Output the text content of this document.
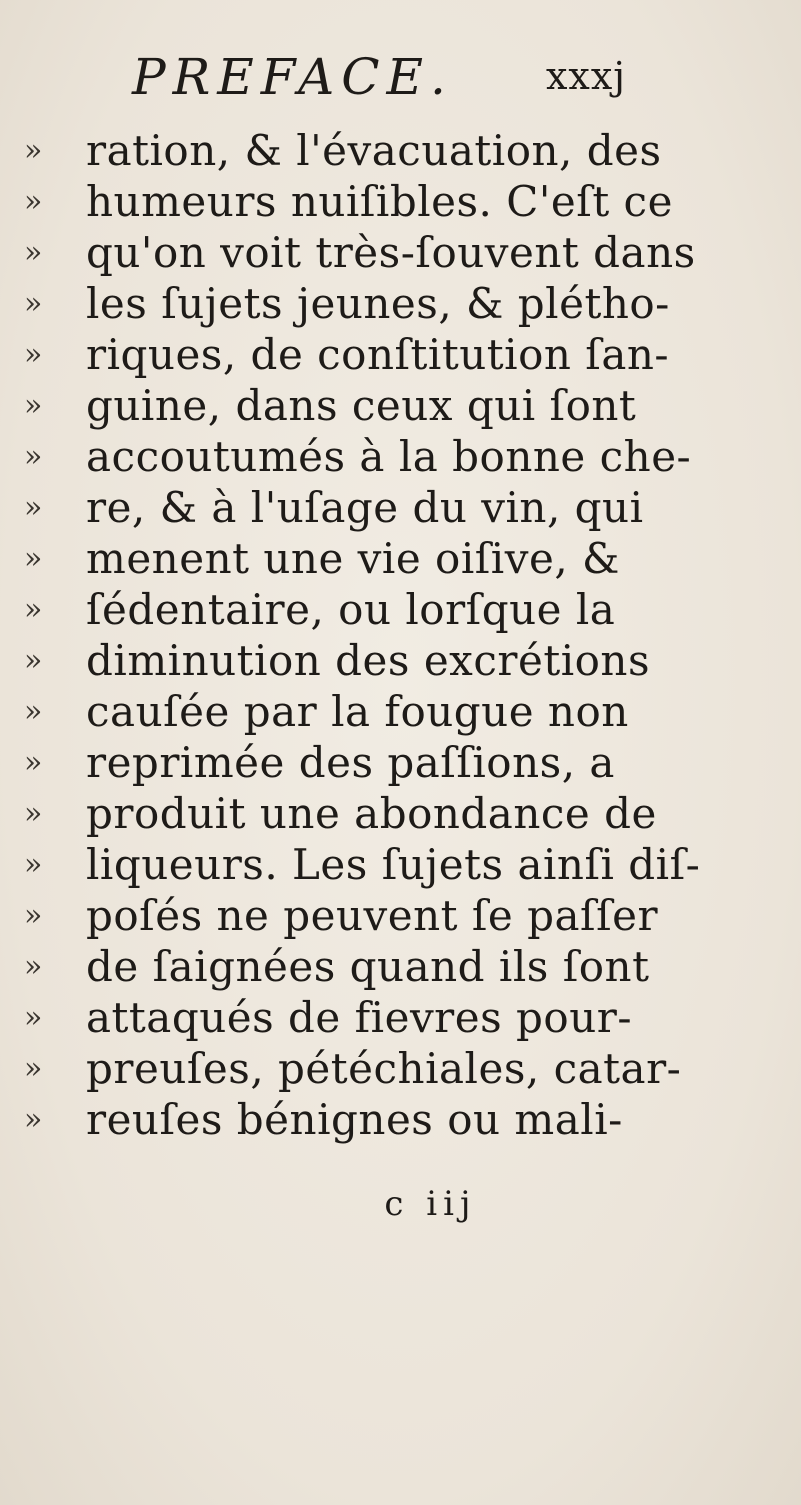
PREFACE. xxxj
» ration, & l'évacuation, des
» humeurs nuiſibles. C'eſt ce
» qu'on voit très-ſouvent dans
» les ſujets jeunes, & plétho-
» riques, de conſtitution ſan-
» guine, dans ceux qui ſont
» accoutumés à la bonne che-
» re, & à l'uſage du vin, qui
» menent une vie oiſive, &
» ſédentaire, ou lorſque la
» diminution des excrétions
» cauſée par la fougue non
» reprimée des paſſions, a
» produit une abondance de
» liqueurs. Les ſujets ainſi diſ-
» poſés ne peuvent ſe paſſer
» de ſaignées quand ils ſont
» attaqués de fievres pour-
» preuſes, pétéchiales, catar-
» reuſes bénignes ou mali-
c iij
